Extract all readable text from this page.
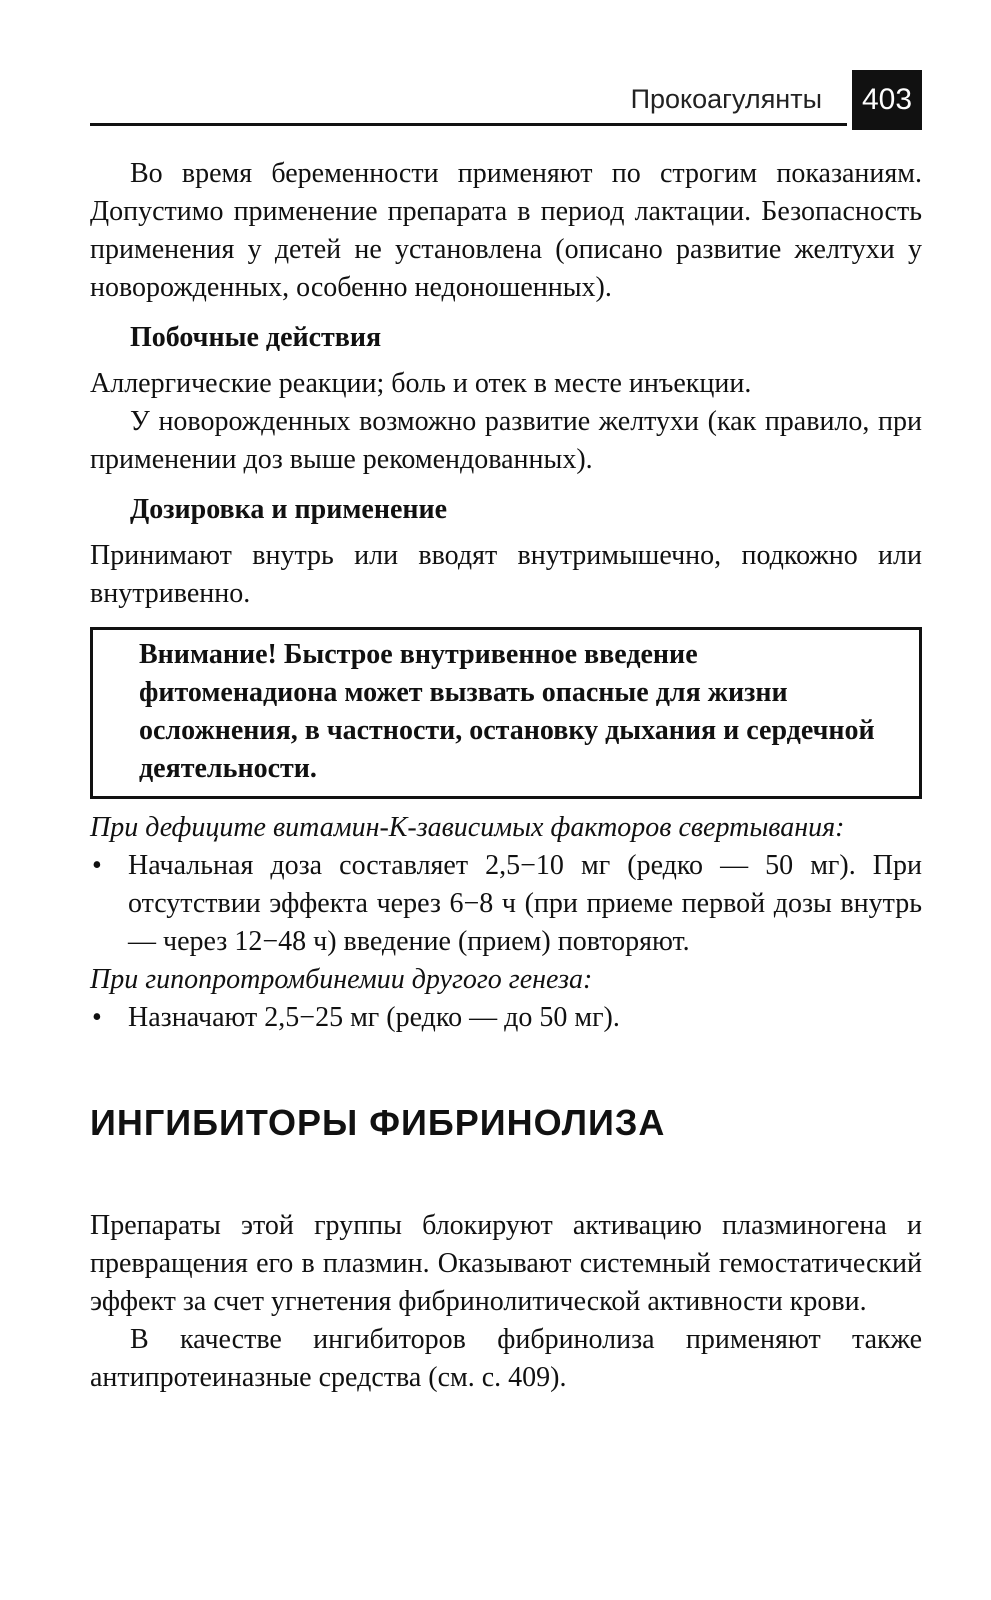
Прокоагулянты	403

Во время беременности применяют по строгим показаниям. Допустимо применение препарата в период лактации. Безопасность применения у детей не установлена (описано развитие желтухи у новорожденных, особенно недоношенных).

Побочные действия

Аллергические реакции; боль и отек в месте инъекции.

У новорожденных возможно развитие желтухи (как правило, при применении доз выше рекомендованных).

Дозировка и применение

Принимают внутрь или вводят внутримышечно, подкожно или внутривенно.

Внимание! Быстрое внутривенное введение фитоменадиона может вызвать опасные для жизни осложнения, в частности, остановку дыхания и сердечной деятельности.

При дефиците витамин-К-зависимых факторов свертывания:

• Начальная доза составляет 2,5−10 мг (редко — 50 мг). При отсутствии эффекта через 6−8 ч (при приеме первой дозы внутрь — через 12−48 ч) введение (прием) повторяют.

При гипопротромбинемии другого генеза:

• Назначают 2,5−25 мг (редко — до 50 мг).
ИНГИБИТОРЫ ФИБРИНОЛИЗА

Препараты этой группы блокируют активацию плазминогена и превращения его в плазмин. Оказывают системный гемостатический эффект за счет угнетения фибринолитической активности крови.

В качестве ингибиторов фибринолиза применяют также антипротеиназные средства (см. с. 409).
